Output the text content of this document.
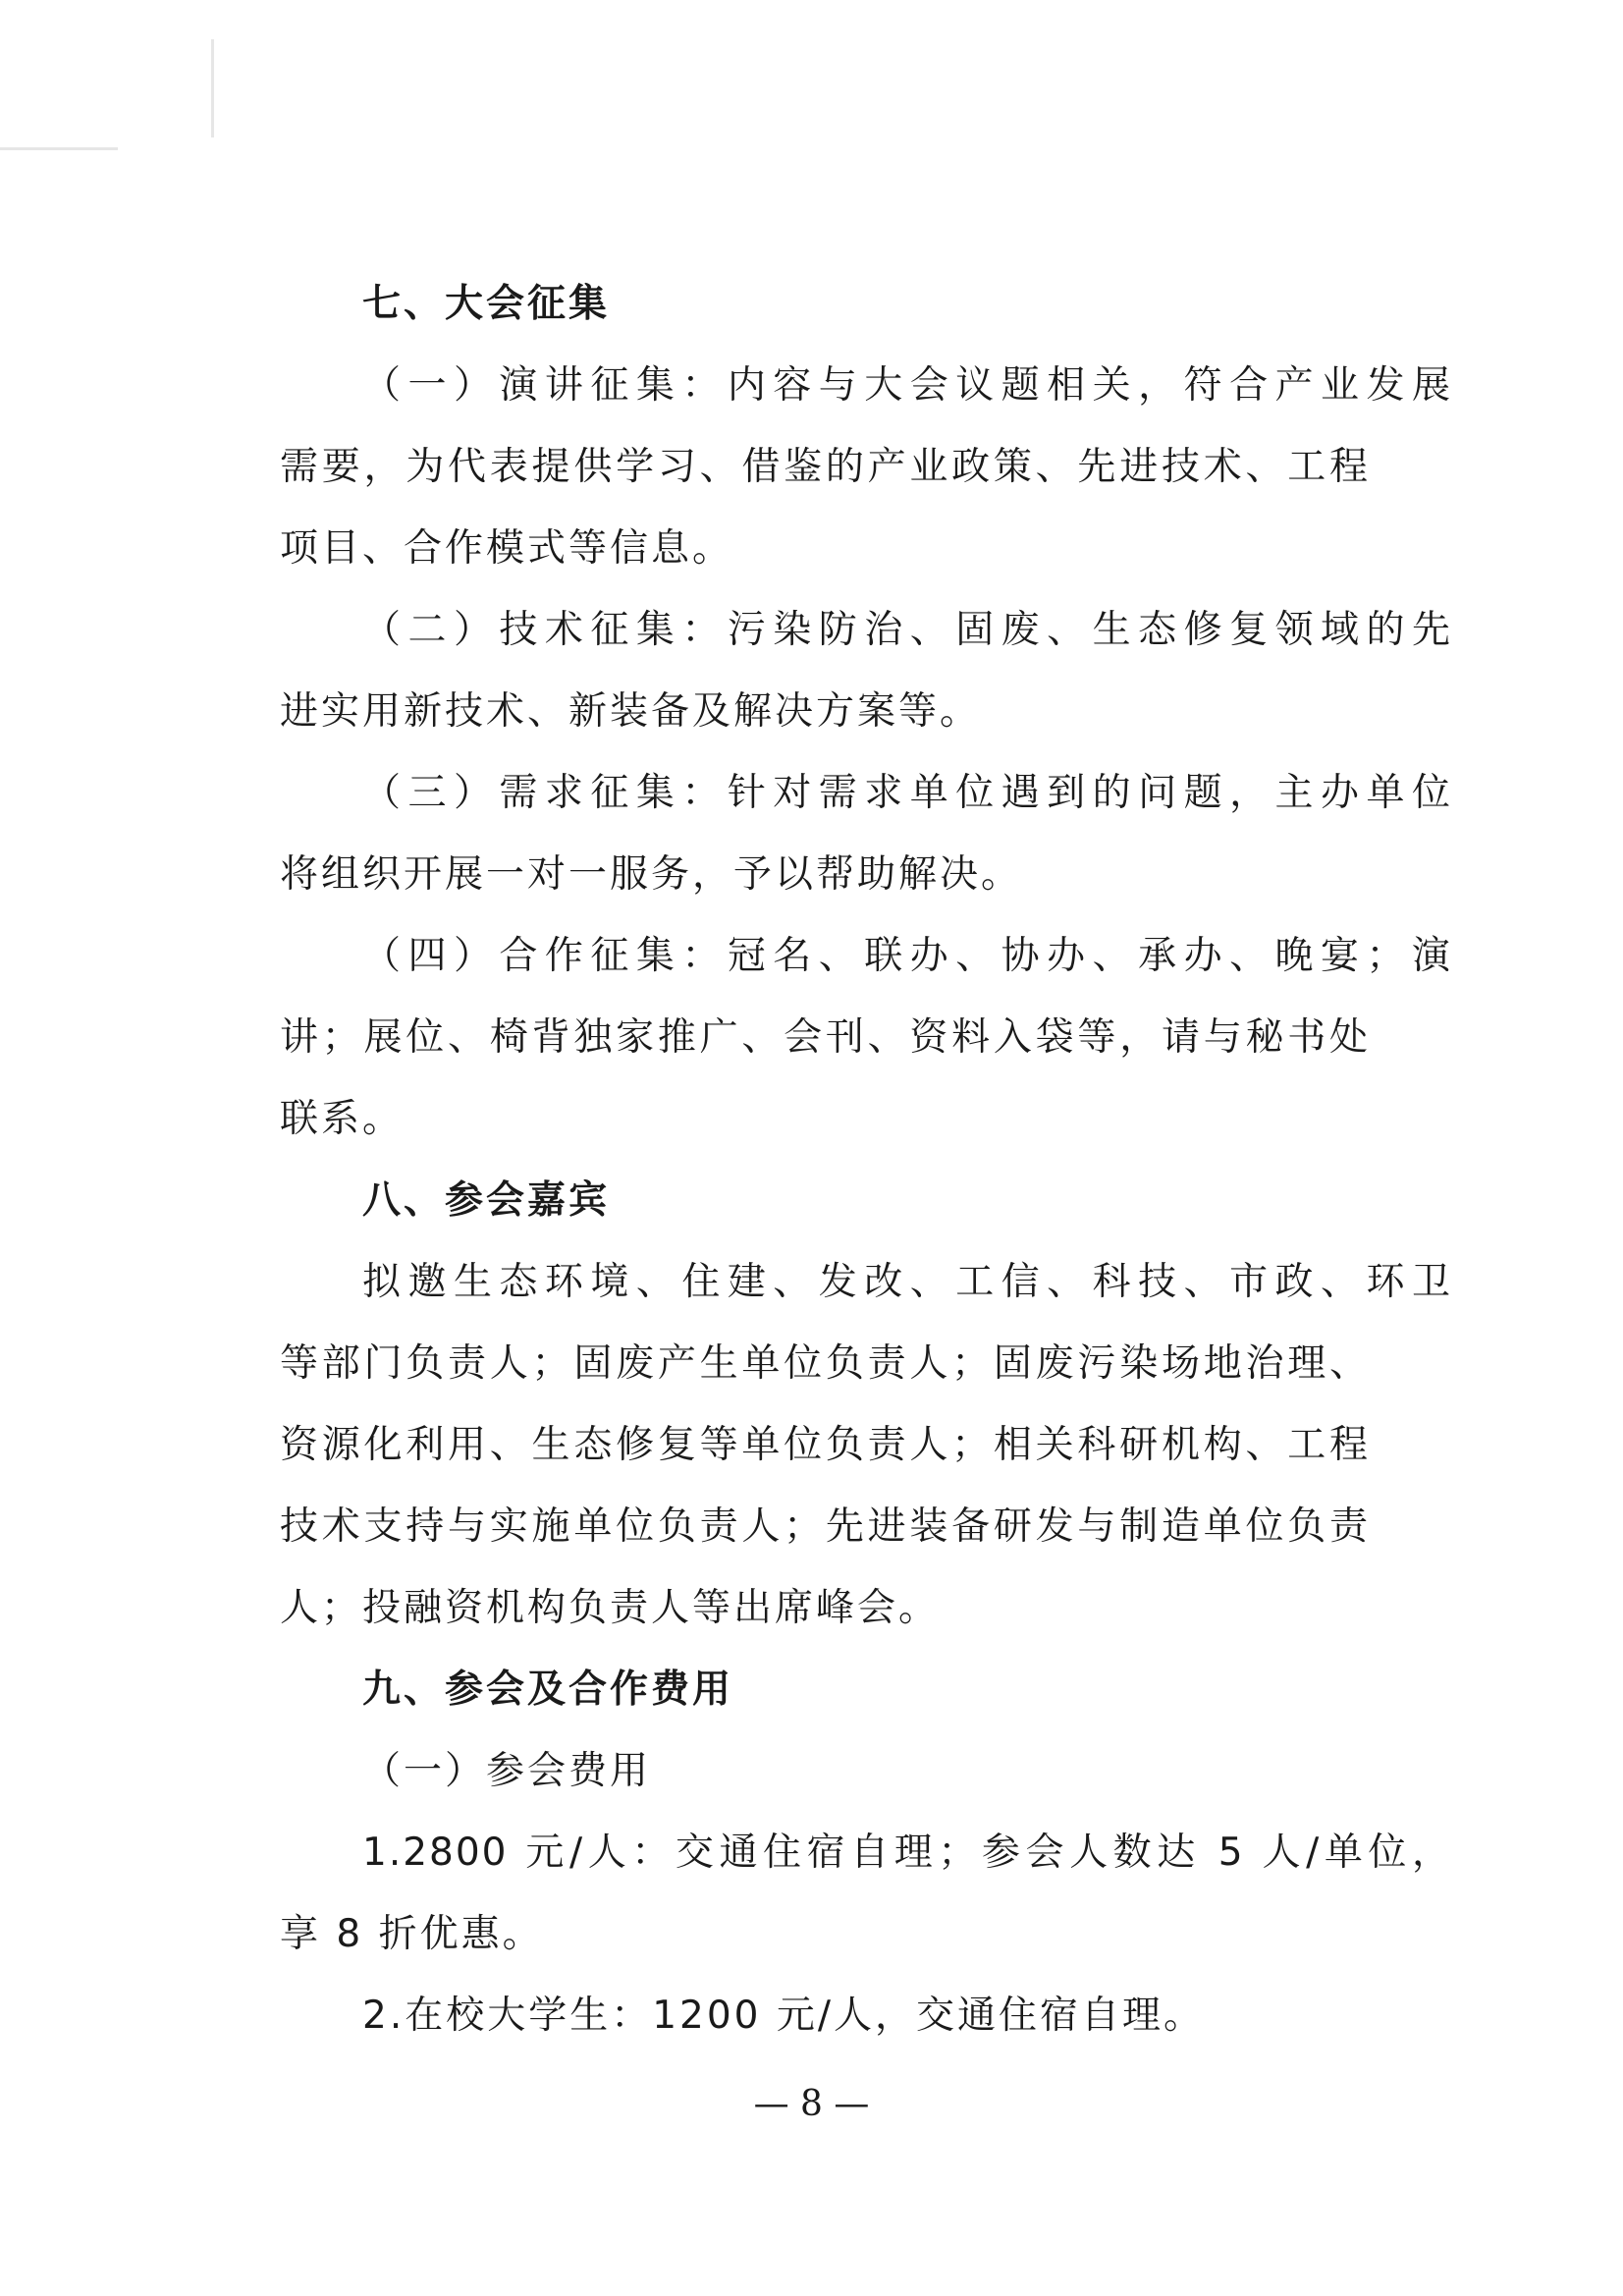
七、大会征集
（一）演讲征集：内容与大会议题相关，符合产业发展
需要，为代表提供学习、借鉴的产业政策、先进技术、工程
项目、合作模式等信息。
（二）技术征集：污染防治、固废、生态修复领域的先
进实用新技术、新装备及解决方案等。
（三）需求征集：针对需求单位遇到的问题，主办单位
将组织开展一对一服务，予以帮助解决。
（四）合作征集：冠名、联办、协办、承办、晚宴；演
讲；展位、椅背独家推广、会刊、资料入袋等，请与秘书处
联系。
八、参会嘉宾
拟邀生态环境、住建、发改、工信、科技、市政、环卫
等部门负责人；固废产生单位负责人；固废污染场地治理、
资源化利用、生态修复等单位负责人；相关科研机构、工程
技术支持与实施单位负责人；先进装备研发与制造单位负责
人；投融资机构负责人等出席峰会。
九、参会及合作费用
（一）参会费用
1.2800 元/人：交通住宿自理；参会人数达 5 人/单位，
享 8 折优惠。
2.在校大学生：1200 元/人，交通住宿自理。
— 8 —
